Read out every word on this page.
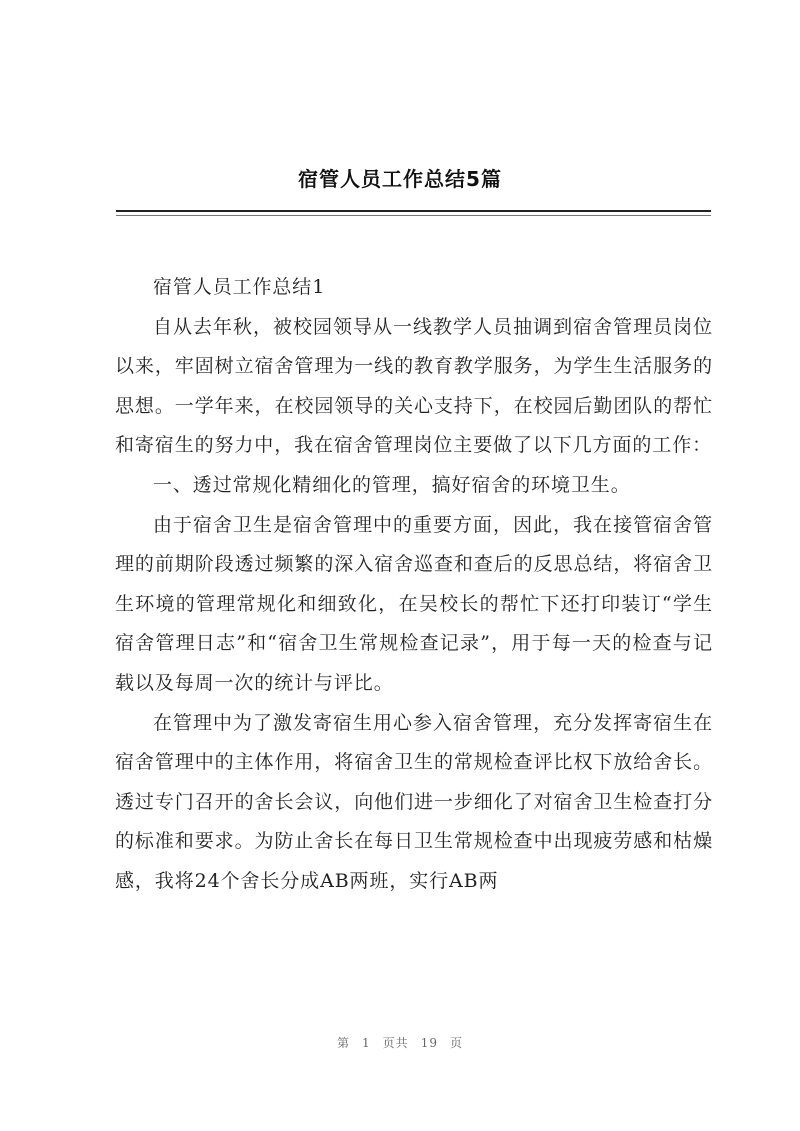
宿管人员工作总结5篇

宿管人员工作总结1

自从去年秋，被校园领导从一线教学人员抽调到宿舍管理员岗位以来，牢固树立宿舍管理为一线的教育教学服务，为学生生活服务的思想。一学年来，在校园领导的关心支持下，在校园后勤团队的帮忙和寄宿生的努力中，我在宿舍管理岗位主要做了以下几方面的工作：

一、透过常规化精细化的管理，搞好宿舍的环境卫生。

由于宿舍卫生是宿舍管理中的重要方面，因此，我在接管宿舍管理的前期阶段透过频繁的深入宿舍巡查和查后的反思总结，将宿舍卫生环境的管理常规化和细致化，在吴校长的帮忙下还打印装订“学生宿舍管理日志”和“宿舍卫生常规检查记录”，用于每一天的检查与记载以及每周一次的统计与评比。

在管理中为了激发寄宿生用心参入宿舍管理，充分发挥寄宿生在宿舍管理中的主体作用，将宿舍卫生的常规检查评比权下放给舍长。透过专门召开的舍长会议，向他们进一步细化了对宿舍卫生检查打分的标准和要求。为防止舍长在每日卫生常规检查中出现疲劳感和枯燥感，我将24个舍长分成AB两班，实行AB两

第 1 页共 19 页
